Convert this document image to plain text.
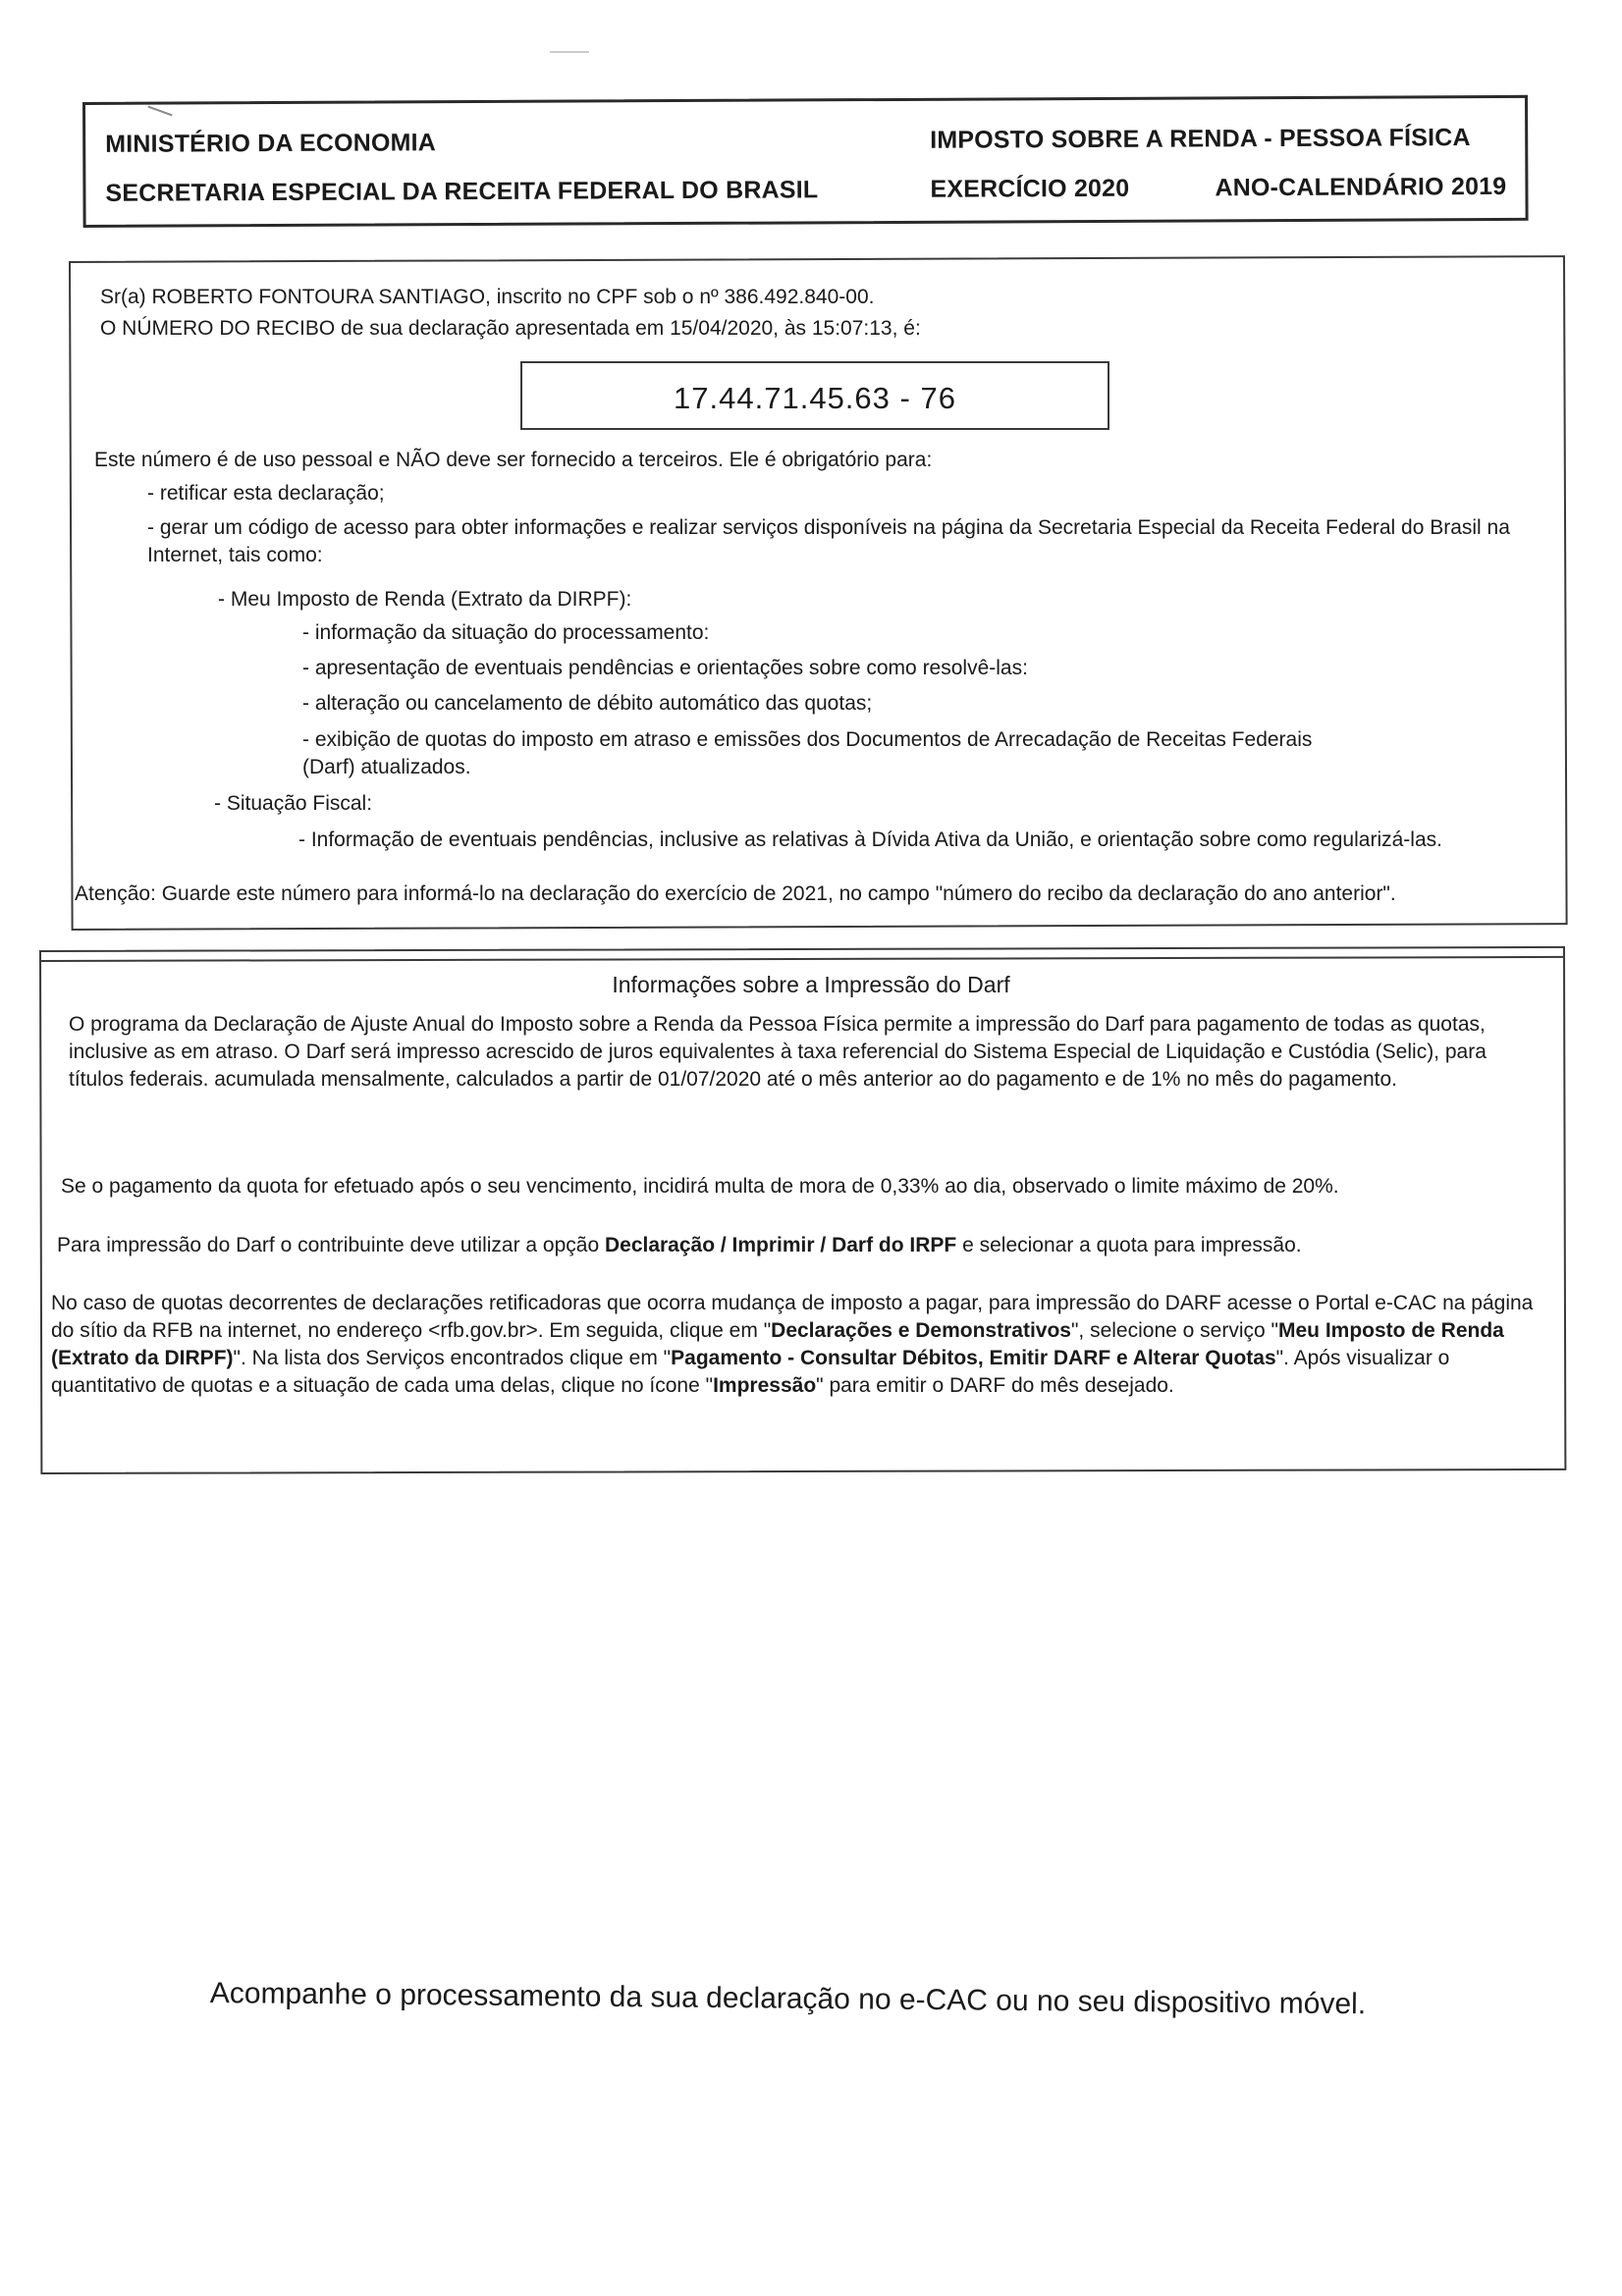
MINISTÉRIO DA ECONOMIA	IMPOSTO SOBRE A RENDA - PESSOA FÍSICA
SECRETARIA ESPECIAL DA RECEITA FEDERAL DO BRASIL	EXERCÍCIO 2020	ANO-CALENDÁRIO 2019
Sr(a) ROBERTO FONTOURA SANTIAGO, inscrito no CPF sob o nº 386.492.840-00.
O NÚMERO DO RECIBO de sua declaração apresentada em 15/04/2020, às 15:07:13, é:
17.44.71.45.63 - 76
Este número é de uso pessoal e NÃO deve ser fornecido a terceiros. Ele é obrigatório para:
- retificar esta declaração;
- gerar um código de acesso para obter informações e realizar serviços disponíveis na página da Secretaria Especial da Receita Federal do Brasil na Internet, tais como:
- Meu Imposto de Renda (Extrato da DIRPF):
- informação da situação do processamento:
- apresentação de eventuais pendências e orientações sobre como resolvê-las:
- alteração ou cancelamento de débito automático das quotas;
- exibição de quotas do imposto em atraso e emissões dos Documentos de Arrecadação de Receitas Federais (Darf) atualizados.
- Situação Fiscal:
- Informação de eventuais pendências, inclusive as relativas à Dívida Ativa da União, e orientação sobre como regularizá-las.
Atenção: Guarde este número para informá-lo na declaração do exercício de 2021, no campo "número do recibo da declaração do ano anterior".
Informações sobre a Impressão do Darf
O programa da Declaração de Ajuste Anual do Imposto sobre a Renda da Pessoa Física permite a impressão do Darf para pagamento de todas as quotas, inclusive as em atraso. O Darf será impresso acrescido de juros equivalentes à taxa referencial do Sistema Especial de Liquidação e Custódia (Selic), para títulos federais. acumulada mensalmente, calculados a partir de 01/07/2020 até o mês anterior ao do pagamento e de 1% no mês do pagamento.
Se o pagamento da quota for efetuado após o seu vencimento, incidirá multa de mora de 0,33% ao dia, observado o limite máximo de 20%.
Para impressão do Darf o contribuinte deve utilizar a opção Declaração / Imprimir / Darf do IRPF e selecionar a quota para impressão.
No caso de quotas decorrentes de declarações retificadoras que ocorra mudança de imposto a pagar, para impressão do DARF acesse o Portal e-CAC na página do sítio da RFB na internet, no endereço <rfb.gov.br>. Em seguida, clique em "Declarações e Demonstrativos", selecione o serviço "Meu Imposto de Renda (Extrato da DIRPF)". Na lista dos Serviços encontrados clique em "Pagamento - Consultar Débitos, Emitir DARF e Alterar Quotas". Após visualizar o quantitativo de quotas e a situação de cada uma delas, clique no ícone "Impressão" para emitir o DARF do mês desejado.
Acompanhe o processamento da sua declaração no e-CAC ou no seu dispositivo móvel.
